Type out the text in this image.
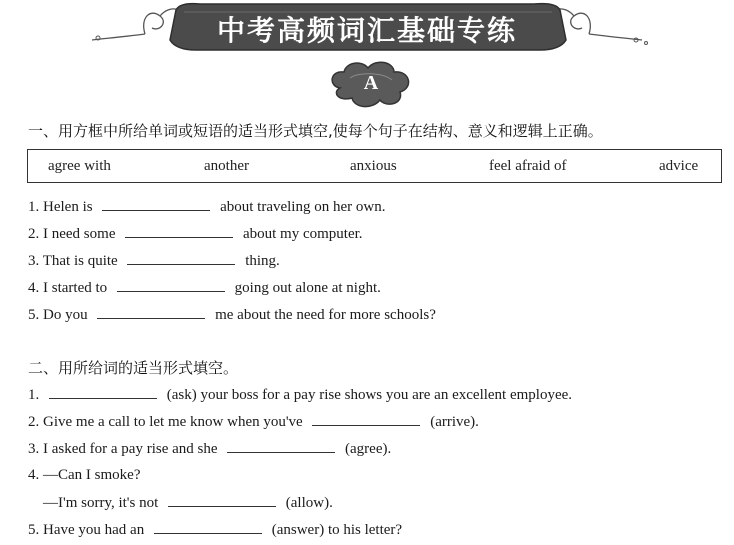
中考高频词汇基础专练
A
一、用方框中所给单词或短语的适当形式填空,使每个句子在结构、意义和逻辑上正确。
agree with	another	anxious	feel afraid of	advice
1. Helen is	about traveling on her own.
2. I need some	about my computer.
3. That is quite	thing.
4. I started to	going out alone at night.
5. Do you	me about the need for more schools?
二、用所给词的适当形式填空。
1.	(ask) your boss for a pay rise shows you are an excellent employee.
2. Give me a call to let me know when you've	(arrive).
3. I asked for a pay rise and she	(agree).
4. —Can I smoke?
—I'm sorry, it's not	(allow).
5. Have you had an	(answer) to his letter?
